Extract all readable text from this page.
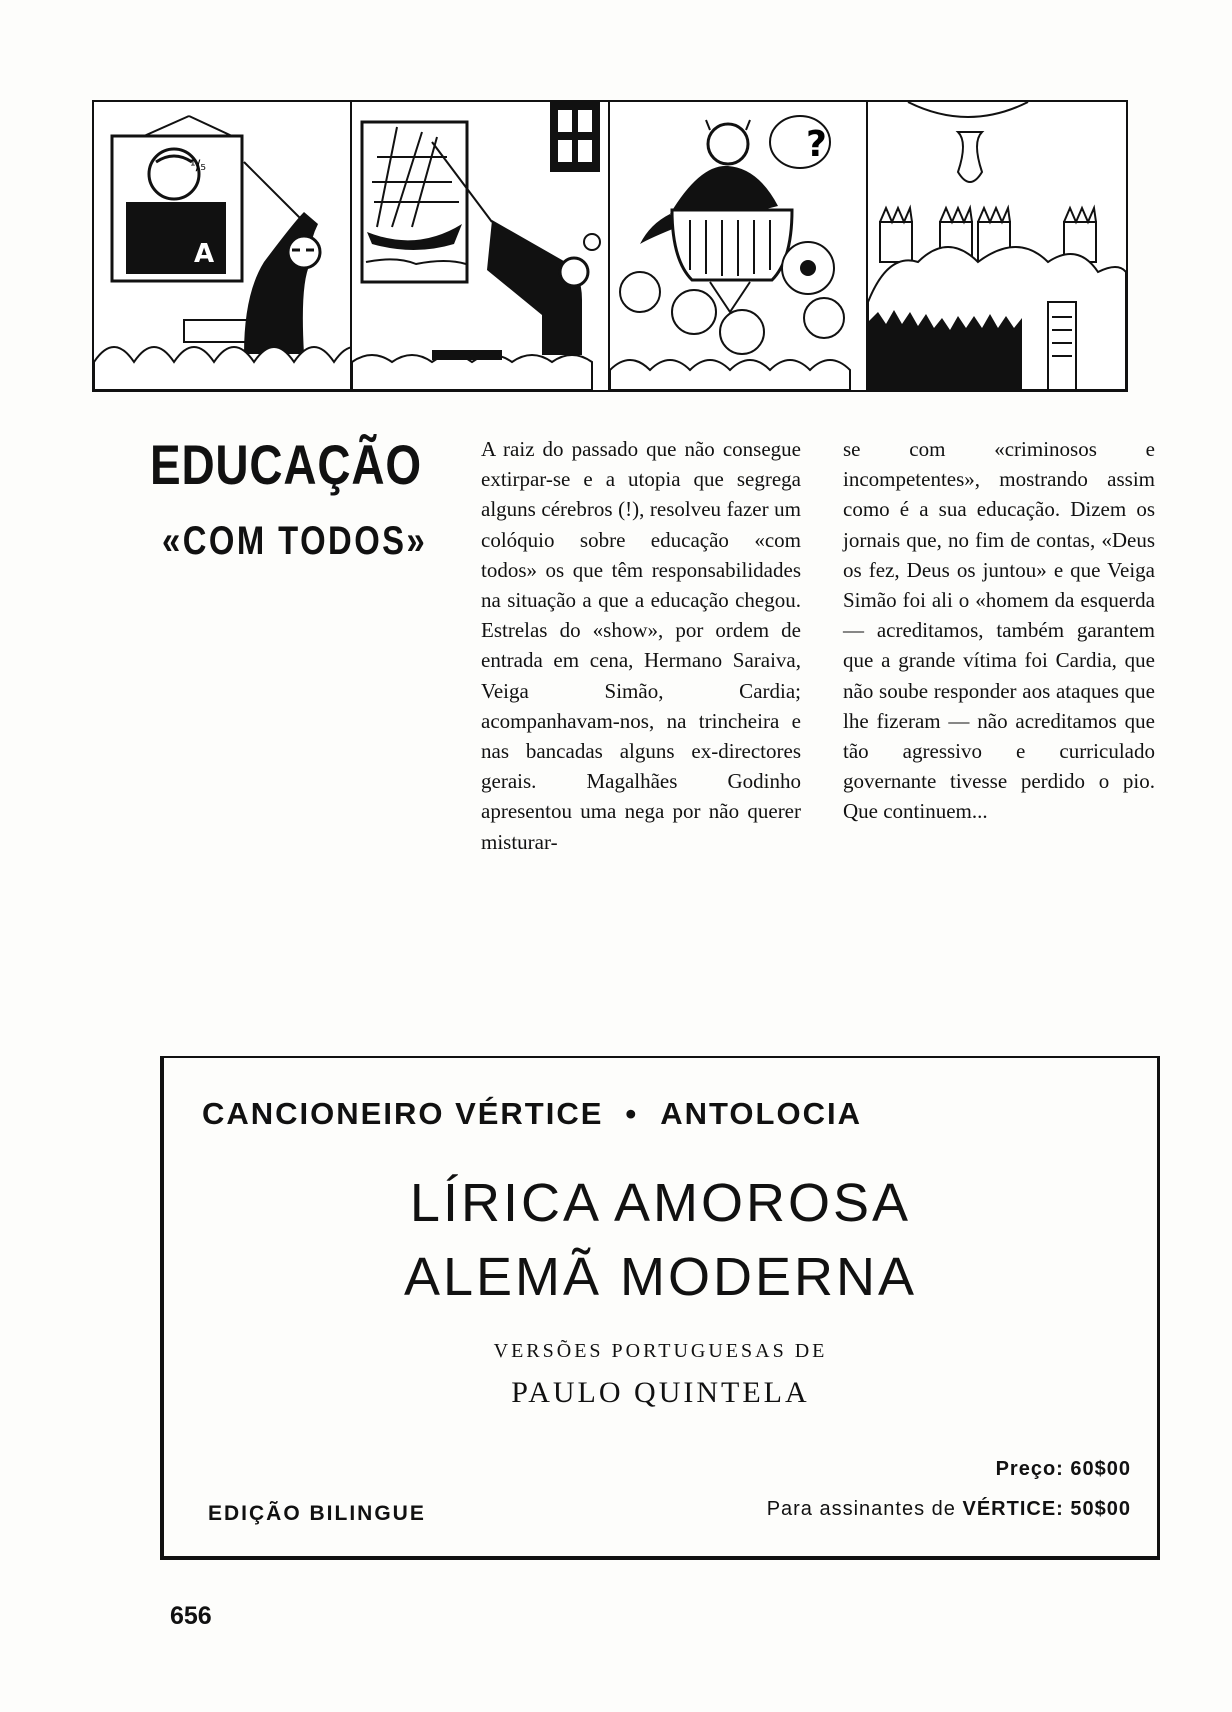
¹/₅
A
?
EDUCAÇÃO
«COM TODOS»

A raiz do passado que não consegue extirpar-se e a utopia que segrega alguns cérebros (!), resolveu fazer um colóquio sobre educação «com todos» os que têm responsabilidades na situação a que a educação chegou. Estrelas do «show», por ordem de entrada em cena, Hermano Saraiva, Veiga Simão, Cardia; acompanhavam-nos, na trincheira e nas bancadas alguns ex-directores gerais. Magalhães Godinho apresentou uma nega por não querer misturar-

se com «criminosos e incompetentes», mostrando assim como é a sua educação. Dizem os jornais que, no fim de contas, «Deus os fez, Deus os juntou» e que Veiga Simão foi ali o «homem da esquerda — acreditamos, também garantem que a grande vítima foi Cardia, que não soube responder aos ataques que lhe fizeram — não acreditamos que tão agressivo e curriculado governante tivesse perdido o pio. Que continuem...

CANCIONEIRO VÉRTICE • ANTOLOCIA
LÍRICA AMOROSA
ALEMÃ MODERNA
VERSÕES PORTUGUESAS DE
PAULO QUINTELA
Preço: 60$00
Para assinantes de VÉRTICE: 50$00
EDIÇÃO BILINGUE
656
